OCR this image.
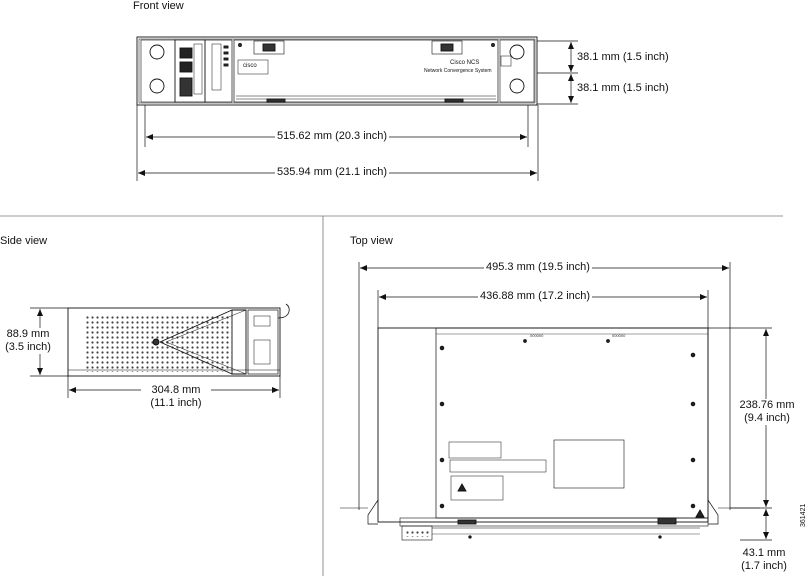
000000	000000
Cisco NCS
Network Convergence System
cisco
Front view
Side view	Top view
38.1 mm (1.5 inch)
38.1 mm (1.5 inch)
515.62 mm (20.3 inch)
535.94 mm (21.1 inch)
88.9 mm
(3.5 inch)
304.8 mm
(11.1 inch)
495.3 mm (19.5 inch)
436.88 mm (17.2 inch)
238.76 mm
(9.4 inch)
43.1 mm
(1.7 inch)
361421
